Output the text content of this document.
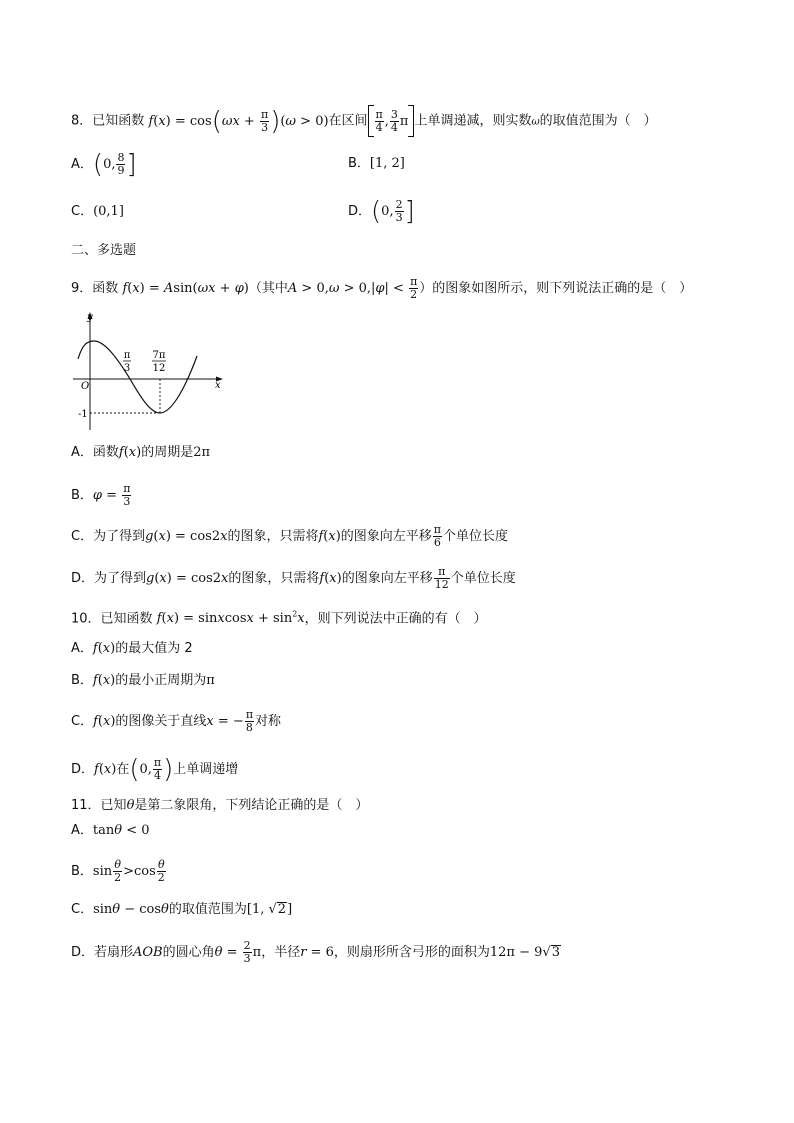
8．已知函数 $f(x) = \cos(\omega x + \frac{\pi}{3} )(\omega > 0)$在区间 $\frac{\pi}{4}$ , $\frac{3}{4}$ π 上单调递减，则实数ω的取值范围为（　）
A．(0, $\frac{8}{9}$ ]	B．[1, 2]
C．(0,1]	D．(0, $\frac{2}{3}$ ]
二、多选题
9．函数 f(x) = Asin(ωx + φ)（其中$A > 0,\omega > 0,|\varphi| < \frac{\pi}{2}$ ）的图象如图所示，则下列说法正确的是（　）
y
x
O
-1
π
3
7π
12
A．函数f(x)的周期是2π
B．$\varphi = \frac{\pi}{3}$
C．为了得到g(x) = cos2x的图象，只需将f(x)的图象向左平移 $\frac{\pi}{6}$ 个单位长度
D．为了得到g(x) = cos2x的图象，只需将f(x)的图象向左平移 $\frac{\pi}{12}$ 个单位长度
10．已知函数 f(x) = sinxcosx + $\sin^2x$，则下列说法中正确的有（　）
A．f(x)的最大值为 2
B．f(x)的最小正周期为π
C．f(x)的图像关于直线x = − $\frac{\pi}{8}$ 对称
D．f(x)在(0, $\frac{\pi}{4}$ )上单调递增
11．已知θ是第二象限角，下列结论正确的是（　）
A．tanθ < 0
B．$\sin \frac{\theta}{2} >\cos \frac{\theta}{2}$
C．sinθ − cosθ的取值范围为[1, √2]
D．若扇形AOB的圆心角$\theta = \frac{2}{3}$ π，半径r = 6，则扇形所含弓形的面积为12π − 9√3
